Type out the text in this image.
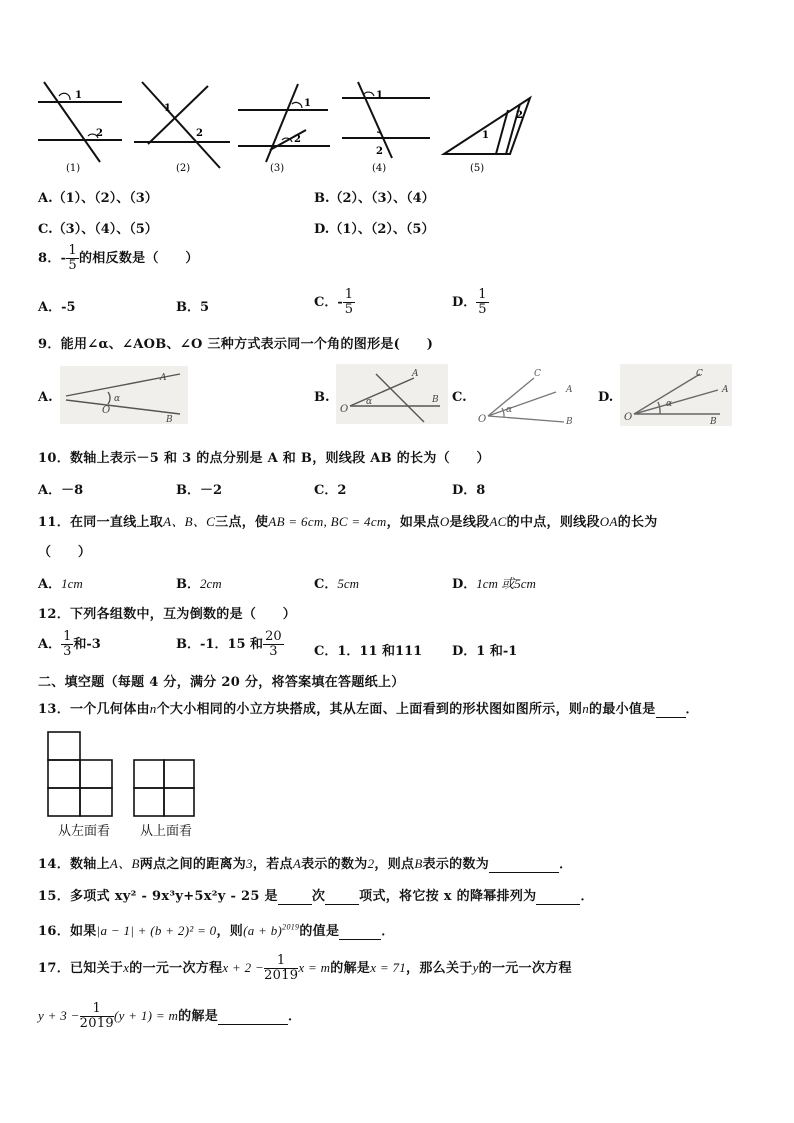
1
2
(1)
1
2
(2)
1
2
(3)
1
2
(4)
1
2
(5)
A.（1）、（2）、（3）	B.（2）、（3）、（4）
C.（3）、（4）、（5）	D.（1）、（2）、（5）
8．- $\frac{1}{5}$ 的相反数是（　　）
A．-5	B．5	C．- $\frac{1}{5}$	D． $\frac{1}{5}$
9．能用∠α、∠AOB、∠O 三种方式表示同一个角的图形是(　　)
A.
O
α
A
B
B.
O
α
A
B C.
O
α
C
A
B
D.
O
α
C
A
B
10．数轴上表示－5 和 3 的点分别是 A 和 B，则线段 AB 的长为（　　）
A．－8	B．－2	C．2	D．8
11．在同一直线上取A、B、C三点，使AB = 6cm, BC = 4cm，如果点O是线段AC的中点，则线段OA的长为
（　　）
A．1cm	B．2cm	C．5cm	D．1cm 或5cm
12．下列各组数中，互为倒数的是（　　）
A． $\frac{1}{3}$ 和-3	B．-1．15 和 $\frac{20}{3}$ C．1．11 和111 D．1 和-1
二、填空题（每题 4 分，满分 20 分，将答案填在答题纸上）
13．一个几何体由n个大小相同的小立方块搭成，其从左面、上面看到的形状图如图所示，则n的最小值是 ．
从左面看 从上面看
14．数轴上A、B两点之间的距离为3，若点A表示的数为2，则点B表示的数为	．
15．多项式 xy² - 9x³y+5x²y - 25 是	次	项式，将它按 x 的降幂排列为	．
16．如果|a − 1| + (b + 2)² = 0，则$(a + b)^{2019}$的值是	．
17．已知关于x的一元一次方程$x + 2 - \frac{1}{2019}$ x = m的解是x = 71，那么关于y的一元一次方程
$y + 3 - \frac{1}{2019} (y + 1) = m$的解是	．
